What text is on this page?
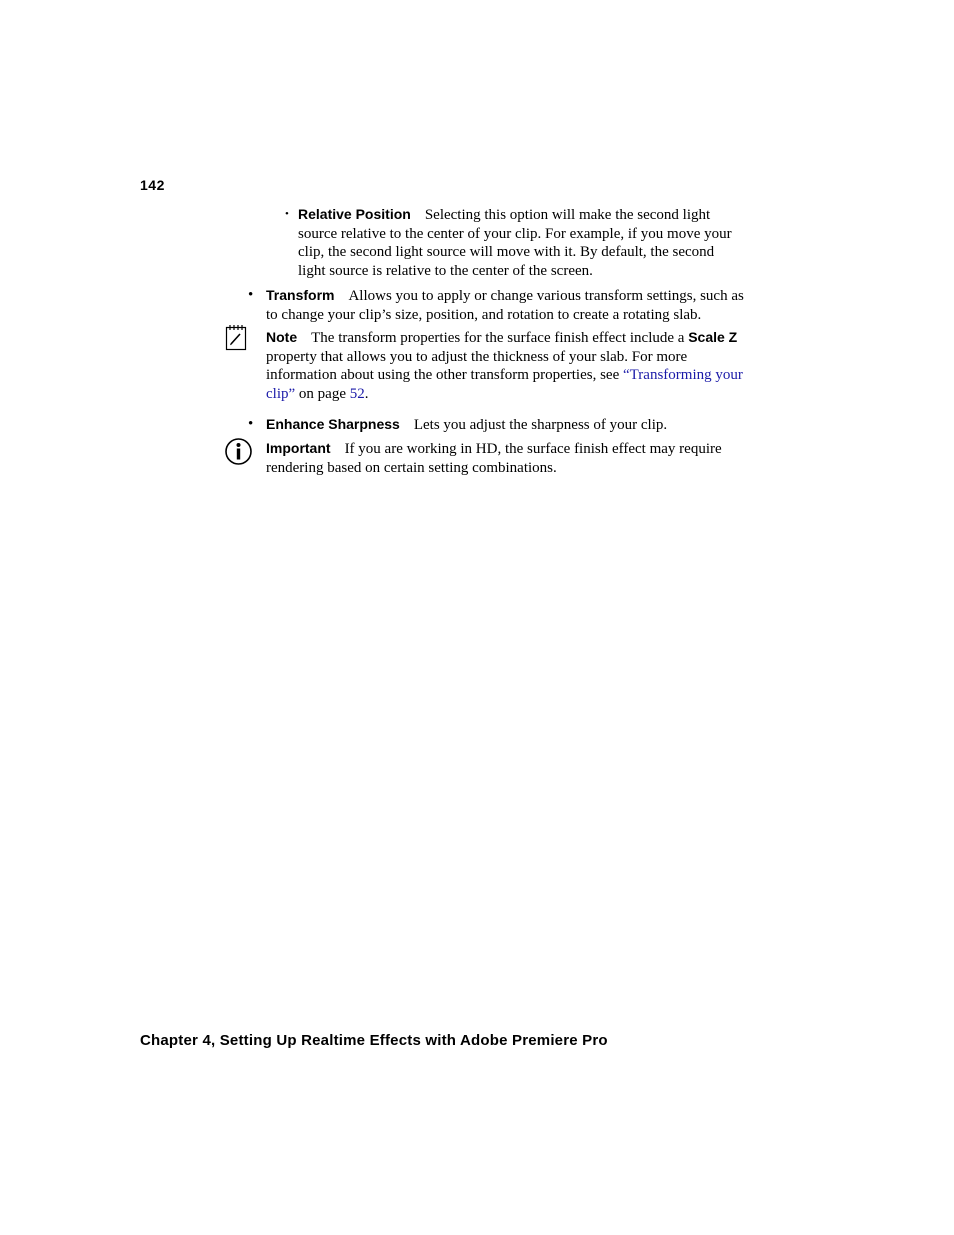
142
• Relative Position Selecting this option will make the second light source relative to the center of your clip. For example, if you move your clip, the second light source will move with it. By default, the second light source is relative to the center of the screen.
• Transform Allows you to apply or change various transform settings, such as to change your clip’s size, position, and rotation to create a rotating slab.
Note The transform properties for the surface finish effect include a Scale Z property that allows you to adjust the thickness of your slab. For more information about using the other transform properties, see “Transforming your clip” on page 52.
• Enhance Sharpness Lets you adjust the sharpness of your clip.
Important If you are working in HD, the surface finish effect may require rendering based on certain setting combinations.
Chapter 4, Setting Up Realtime Effects with Adobe Premiere Pro
